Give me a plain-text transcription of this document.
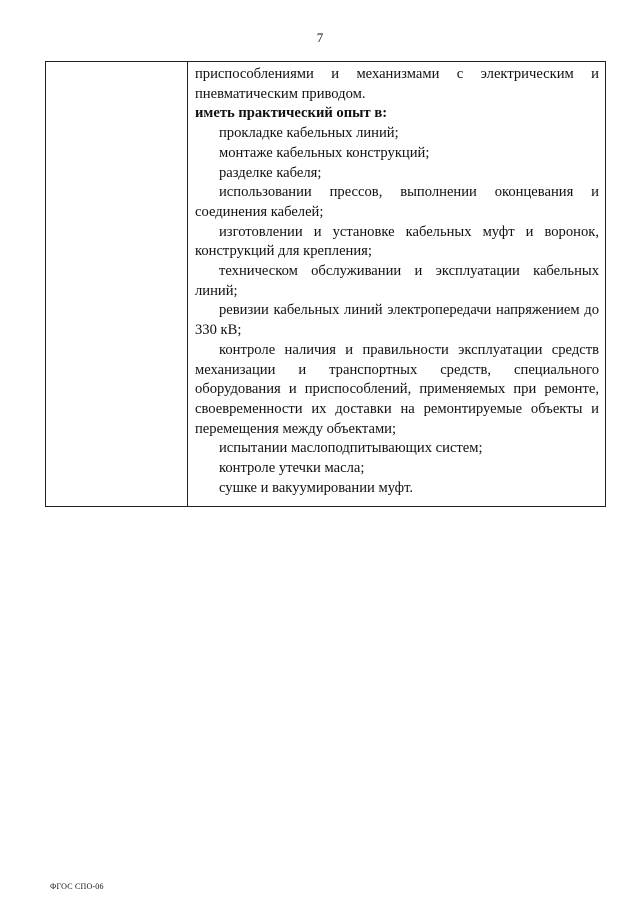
7

приспособлениями и механизмами с электрическим и пневматическим приводом.

иметь практический опыт в:

прокладке кабельных линий;

монтаже кабельных конструкций;

разделке кабеля;

использовании прессов, выполнении оконцевания и соединения кабелей;

изготовлении и установке кабельных муфт и воронок, конструкций для крепления;

техническом обслуживании и эксплуатации кабельных линий;

ревизии кабельных линий электропередачи напряжением до 330 кВ;

контроле наличия и правильности эксплуатации средств механизации и транспортных средств, специального оборудования и приспособлений, применяемых при ремонте, своевременности их доставки на ремонтируемые объекты и перемещения между объектами;

испытании маслоподпитывающих систем;

контроле утечки масла;

сушке и вакуумировании муфт.

ФГОС СПО-06
